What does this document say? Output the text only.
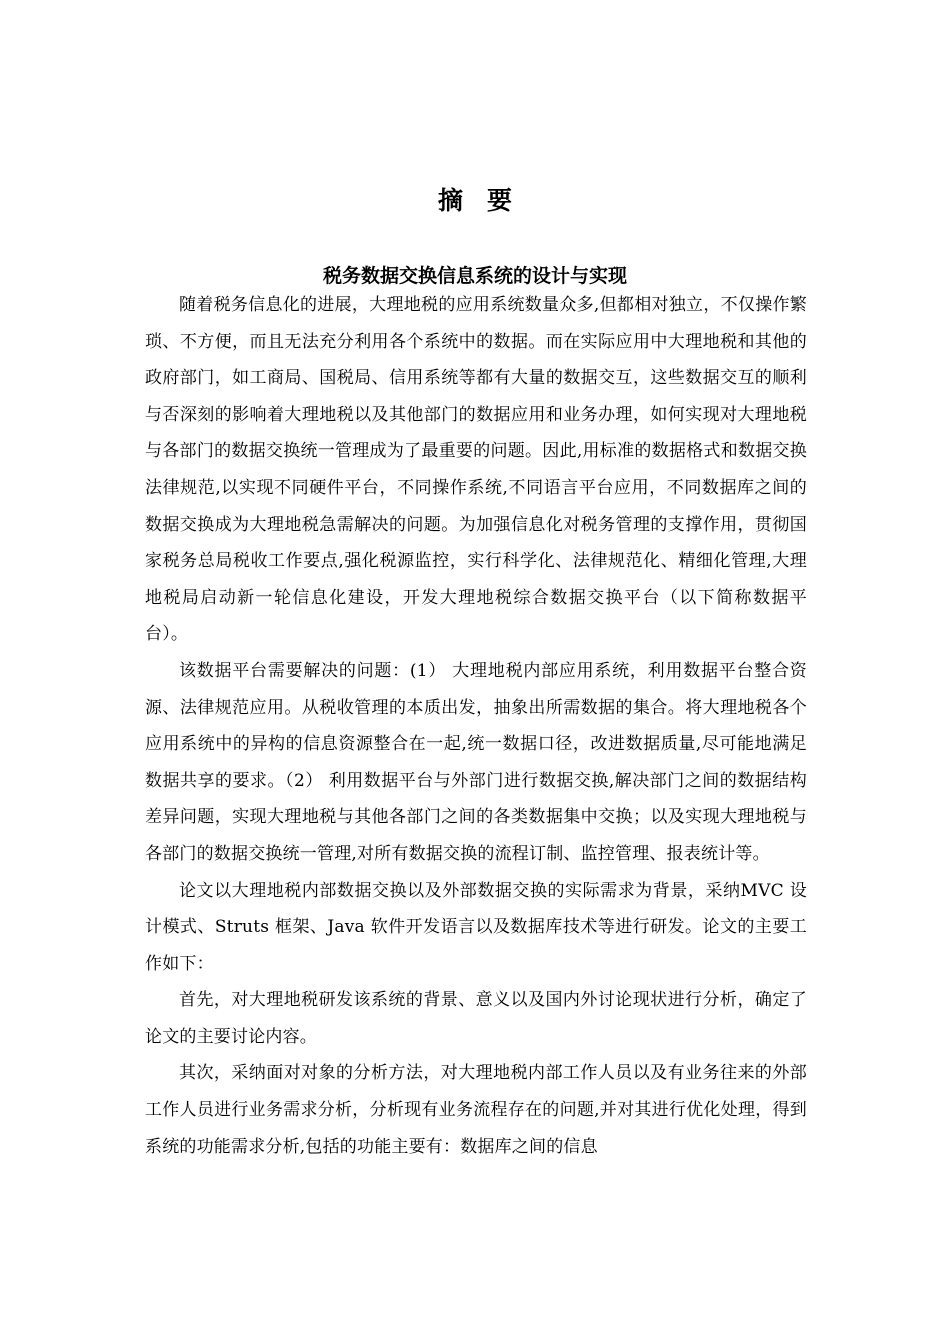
摘要
税务数据交换信息系统的设计与实现

随着税务信息化的进展，大理地税的应用系统数量众多,但都相对独立，不仅操作繁琐、不方便，而且无法充分利用各个系统中的数据。而在实际应用中大理地税和其他的政府部门，如工商局、国税局、信用系统等都有大量的数据交互，这些数据交互的顺利与否深刻的影响着大理地税以及其他部门的数据应用和业务办理，如何实现对大理地税与各部门的数据交换统一管理成为了最重要的问题。因此,用标准的数据格式和数据交换法律规范,以实现不同硬件平台，不同操作系统,不同语言平台应用，不同数据库之间的数据交换成为大理地税急需解决的问题。为加强信息化对税务管理的支撑作用，贯彻国家税务总局税收工作要点,强化税源监控，实行科学化、法律规范化、精细化管理,大理地税局启动新一轮信息化建设，开发大理地税综合数据交换平台（以下简称数据平台）。

该数据平台需要解决的问题：(1） 大理地税内部应用系统，利用数据平台整合资源、法律规范应用。从税收管理的本质出发，抽象出所需数据的集合。将大理地税各个应用系统中的异构的信息资源整合在一起,统一数据口径，改进数据质量,尽可能地满足数据共享的要求。（2） 利用数据平台与外部门进行数据交换,解决部门之间的数据结构差异问题，实现大理地税与其他各部门之间的各类数据集中交换；以及实现大理地税与各部门的数据交换统一管理,对所有数据交换的流程订制、监控管理、报表统计等。

论文以大理地税内部数据交换以及外部数据交换的实际需求为背景，采纳MVC 设计模式、Struts 框架、Java 软件开发语言以及数据库技术等进行研发。论文的主要工作如下：

首先，对大理地税研发该系统的背景、意义以及国内外讨论现状进行分析，确定了论文的主要讨论内容。

其次，采纳面对对象的分析方法，对大理地税内部工作人员以及有业务往来的外部工作人员进行业务需求分析，分析现有业务流程存在的问题,并对其进行优化处理，得到系统的功能需求分析,包括的功能主要有：数据库之间的信息
